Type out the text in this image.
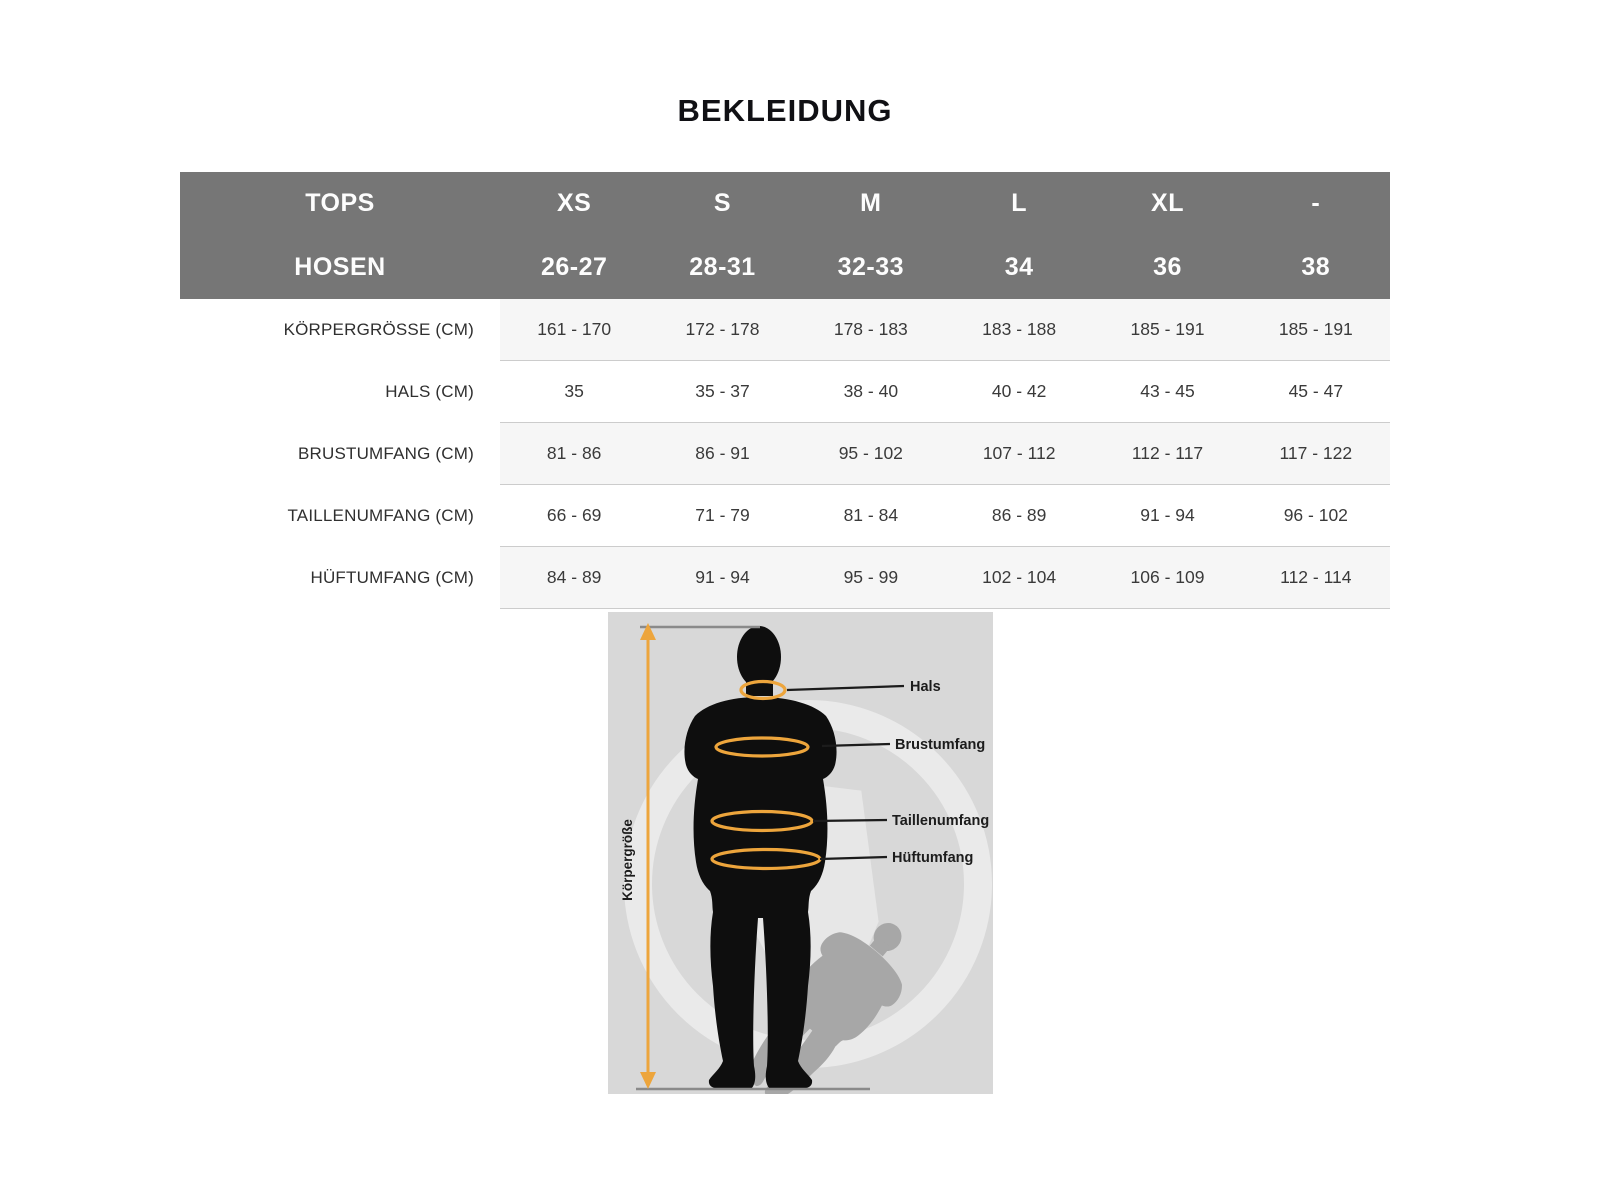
BEKLEIDUNG
TOPS	XS	S	M	L	XL	-
HOSEN	26-27	28-31	32-33	34	36	38
KÖRPERGRÖSSE (CM)	161 - 170	172 - 178	178 - 183	183 - 188	185 - 191	185 - 191
HALS (CM)	35	35 - 37	38 - 40	40 - 42	43 - 45	45 - 47
BRUSTUMFANG (CM)	81 - 86	86 - 91	95 - 102	107 - 112	112 - 117	117 - 122
TAILLENUMFANG (CM)	66 - 69	71 - 79	81 - 84	86 - 89	91 - 94	96 - 102
HÜFTUMFANG (CM)	84 - 89	91 - 94	95 - 99	102 - 104	106 - 109	112 - 114
Hals
Brustumfang
Taillenumfang
Hüftumfang
Körpergröße
